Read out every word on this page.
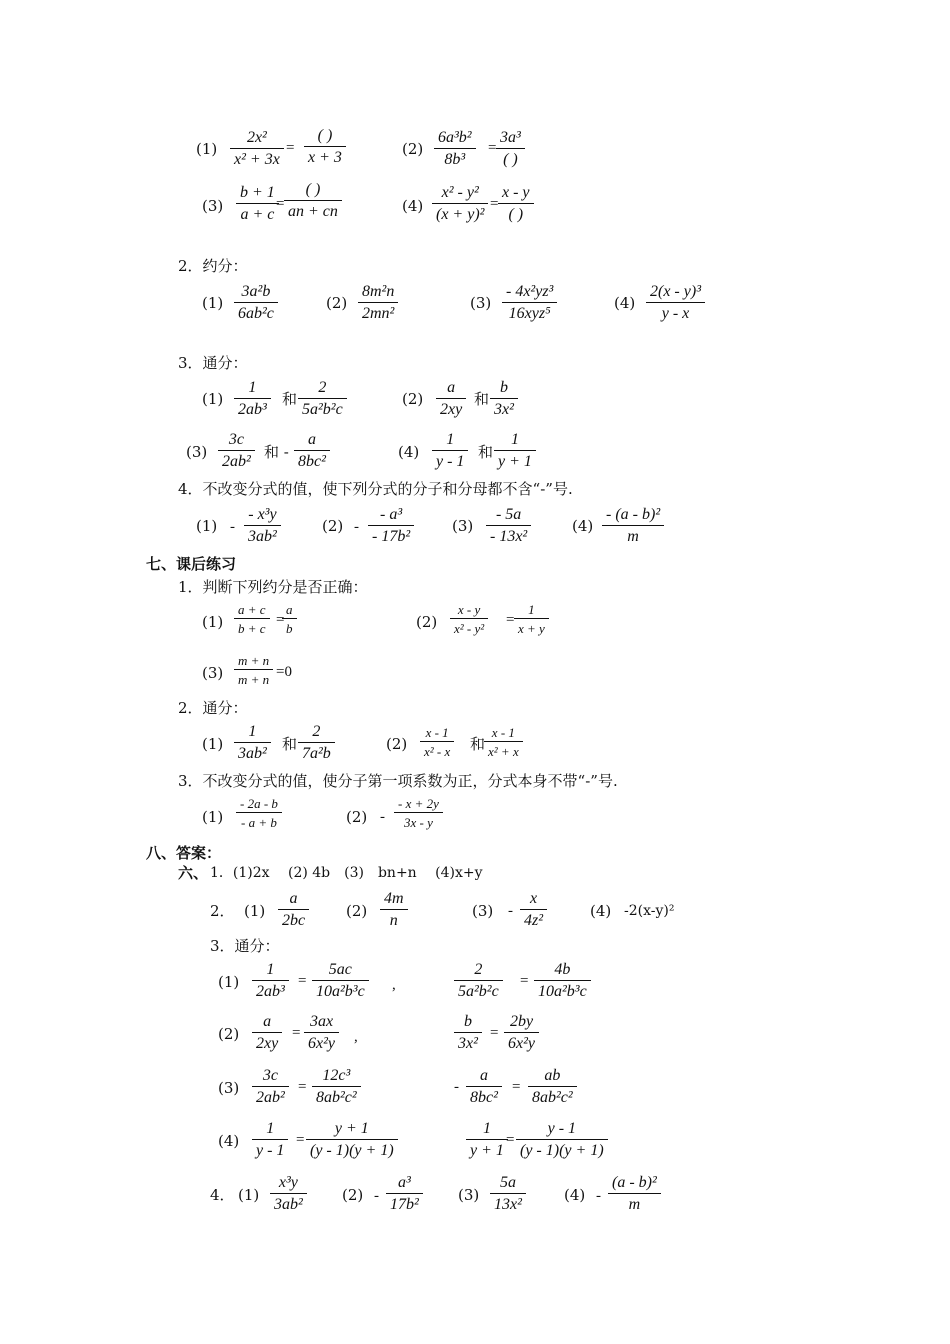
(1)
2x²
x² + 3x
=
( )
x + 3	(2)
6a³b²
8b³
=
3a³
( )
(3)
b + 1
a + c
=
( )
an + cn	(4)
x² - y²
(x + y)²
=
x - y
( )
2．约分：
(1)
3a²b
6ab²c
(2)
8m²n
2mn²
(3)
- 4x²yz³
16xyz⁵
(4)
2(x - y)³
y - x
3．通分：
(1)
1
2ab³
和
2
5a²b²c
(2)
a
2xy
和
b
3x²
(3)
3c
2ab²
和 -
a
8bc²
(4)
1
y - 1
和
1
y + 1
4．不改变分式的值，使下列分式的分子和分母都不含“-”号.
(1) -
- x³y
3ab²
(2) -
- a³
- 17b²
(3)
- 5a
- 13x²
(4)
- (a - b)²
m
七、课后练习
1．判断下列约分是否正确：
(1)
a + c
b + c
=
a
b	(2)
x - y
x² - y²
=
1
x + y
(3)
m + n
m + n =0
2．通分：
(1)
1
3ab²
和
2
7a²b
(2)
x - 1
x² - x 和
x - 1
x² + x
3．不改变分式的值，使分子第一项系数为正，分式本身不带“-”号.
(1)
- 2a - b
- a + b	(2) -
- x + 2y
3x - y
八、答案：
六、 1．(1)2x　 (2) 4b　(3)　bn+n　 (4)x+y
2． (1)
a
2bc
(2)
4m
n
(3) -
x
4z²
(4) -2(x-y)²
3．通分：
(1)
1
2ab³
=
5ac
10a²b³c ,
2
5a²b²c
=
4b
10a²b³c
(2)
a
2xy
=
3ax
6x²y ,
b
3x²
=
2by
6x²y
(3)
3c
2ab²
=
12c³
8ab²c²
-
a
8bc²
=
ab
8ab²c²
(4)
1
y - 1
=
y + 1
(y - 1)(y + 1)
1
y + 1
=
y - 1
(y - 1)(y + 1)
4． (1)
x³y
3ab²
(2) -
a³
17b²
(3)
5a
13x²
(4) -
(a - b)²
m
